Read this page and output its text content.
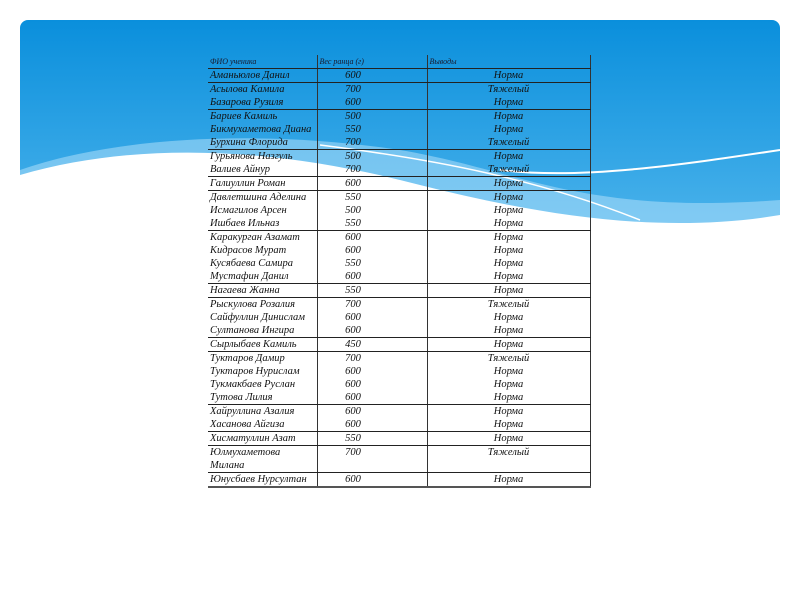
ФИО ученика	Вес ранца (г)	Выводы
Аманьюлов Данил	600	Норма
Асылова Камила	700	Тяжелый
Базарова Рузиля	600	Норма
Бариев Камиль	500	Норма
Бикмухаметова Диана	550	Норма
Бурхина Флорида	700	Тяжелый
Гурьянова Назгуль	500	Норма
Валиев Айнур	700	Тяжелый
Галиуллин Роман	600	Норма
Давлетшина Аделина	550	Норма
Исмагилов Арсен	500	Норма
Ишбаев Ильназ	550	Норма
Каракурган Азамат	600	Норма
Кидрасов Мурат	600	Норма
Кусябаева Самира	550	Норма
Мустафин Данил	600	Норма
Нагаева Жанна	550	Норма
Рыскулова Розалия	700	Тяжелый
Сайфуллин Динислам	600	Норма
Султанова Ингира	600	Норма
Сырлыбаев Камиль	450	Норма
Туктаров Дамир	700	Тяжелый
Туктаров Нурислам	600	Норма
Тукмакбаев Руслан	600	Норма
Тутова Лилия	600	Норма
Хайруллина Азалия	600	Норма
Хасанова Айгиза	600	Норма
Хисматуллин Азат	550	Норма
Юлмухаметова Милана	700	Тяжелый
Юнусбаев Нурсултан	600	Норма
